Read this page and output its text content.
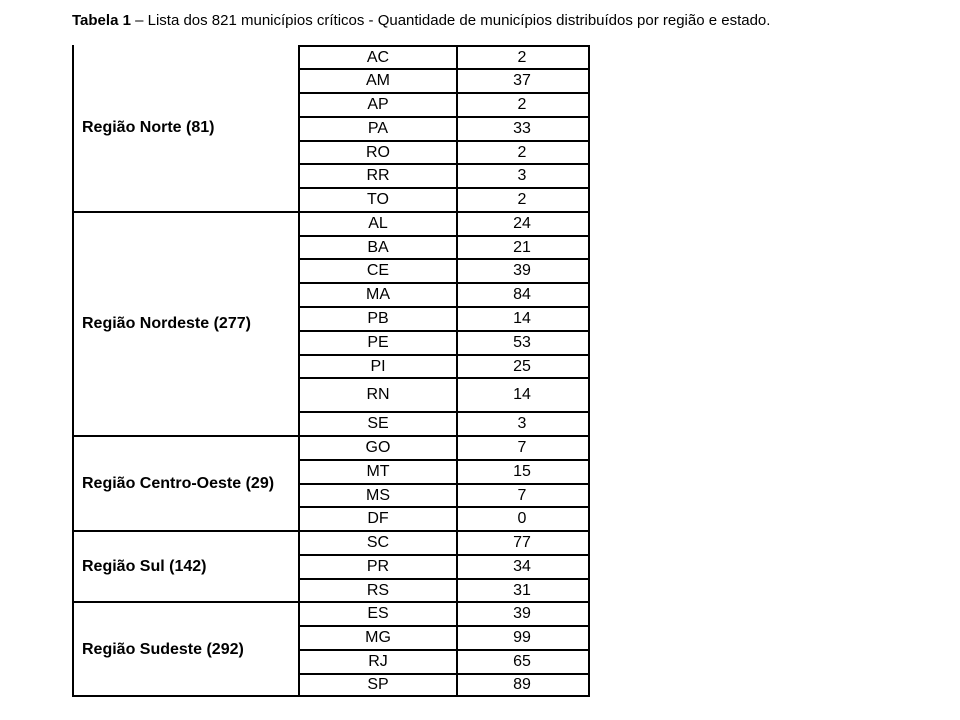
Tabela 1 – Lista dos 821 municípios críticos - Quantidade de municípios distribuídos por região e estado.
Região Norte (81)
AC	2
AM	37
AP	2
PA	33
RO	2
RR	3
TO	2
Região Nordeste (277)
AL	24
BA	21
CE	39
MA	84
PB	14
PE	53
PI	25
RN	14
SE	3
Região Centro-Oeste (29)
GO	7
MT	15
MS	7
DF	0
Região Sul (142)
SC	77
PR	34
RS	31
Região Sudeste (292)
ES	39
MG	99
RJ	65
SP	89
